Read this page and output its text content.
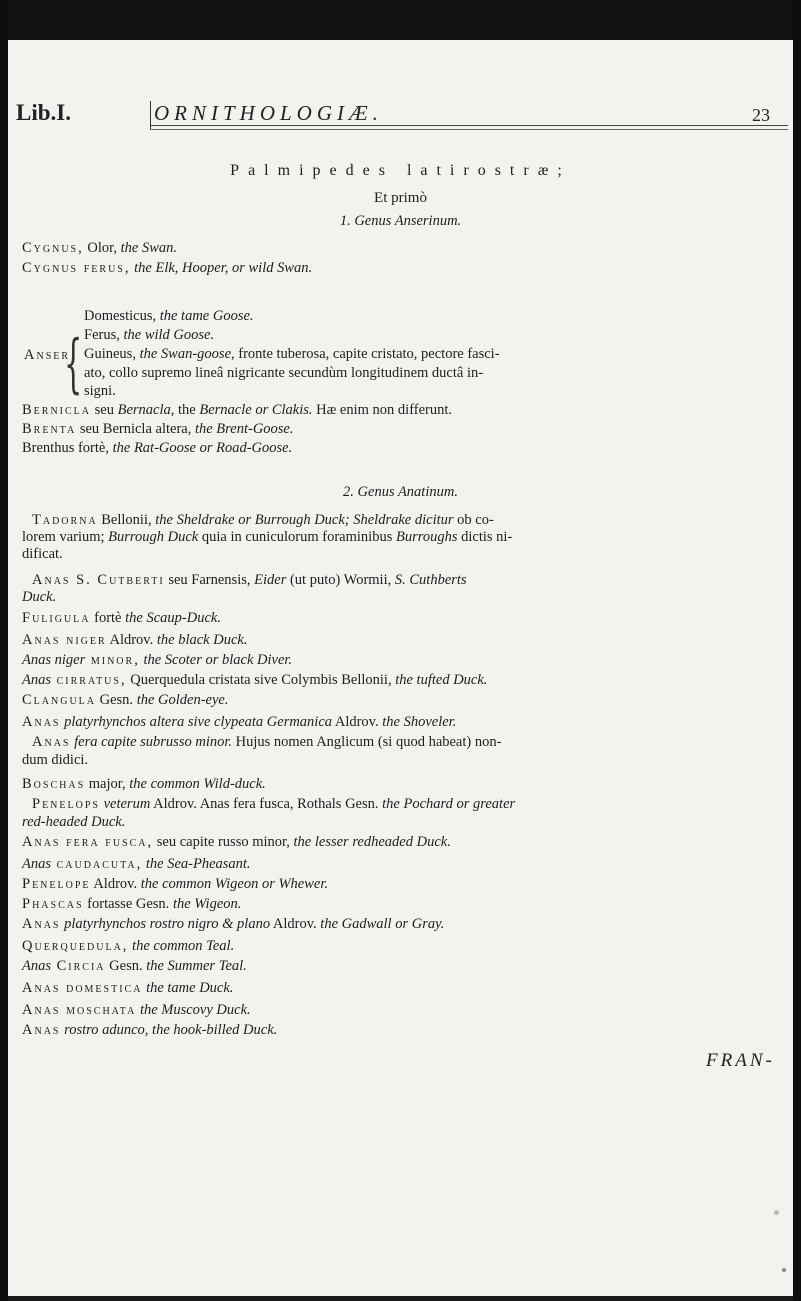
Lib.I.	ORNITHOLOGIÆ.	23
Palmipedes latirostræ;
Et primò
1. Genus Anserinum.
Anser
{
2. Genus Anatinum.
FRAN-
Cygnus, Olor, the Swan.
Cygnus ferus, the Elk, Hooper, or wild Swan.
Domesticus, the tame Goose.
Ferus, the wild Goose.
Guineus, the Swan-goose, fronte tuberosa, capite cristato, pectore fasci-
ato, collo supremo lineâ nigricante secundùm longitudinem ductâ in-
signi.
Bernicla seu Bernacla, the Bernacle or Clakis. Hæ enim non differunt.
Brenta seu Bernicla altera, the Brent-Goose.
Brenthus fortè, the Rat-Goose or Road-Goose.
Tadorna Bellonii, the Sheldrake or Burrough Duck; Sheldrake dicitur ob co-
lorem varium; Burrough Duck quia in cuniculorum foraminibus Burroughs dictis ni-
dificat.
Anas S. Cutberti seu Farnensis, Eider (ut puto) Wormii, S. Cuthberts
Duck.
Fuligula fortè the Scaup-Duck.
Anas niger Aldrov. the black Duck.
Anas niger minor, the Scoter or black Diver.
Anas cirratus, Querquedula cristata sive Colymbis Bellonii, the tufted Duck.
Clangula Gesn. the Golden-eye.
Anas platyrhynchos altera sive clypeata Germanica Aldrov. the Shoveler.
Anas fera capite subrusso minor. Hujus nomen Anglicum (si quod habeat) non-
dum didici.
Boschas major, the common Wild-duck.
Penelops veterum Aldrov. Anas fera fusca, Rothals Gesn. the Pochard or greater
red-headed Duck.
Anas fera fusca, seu capite russo minor, the lesser redheaded Duck.
Anas caudacuta, the Sea-Pheasant.
Penelope Aldrov. the common Wigeon or Whewer.
Phascas fortasse Gesn. the Wigeon.
Anas platyrhynchos rostro nigro & plano Aldrov. the Gadwall or Gray.
Querquedula, the common Teal.
Anas Circia Gesn. the Summer Teal.
Anas domestica the tame Duck.
Anas moschata the Muscovy Duck.
Anas rostro adunco, the hook-billed Duck.
